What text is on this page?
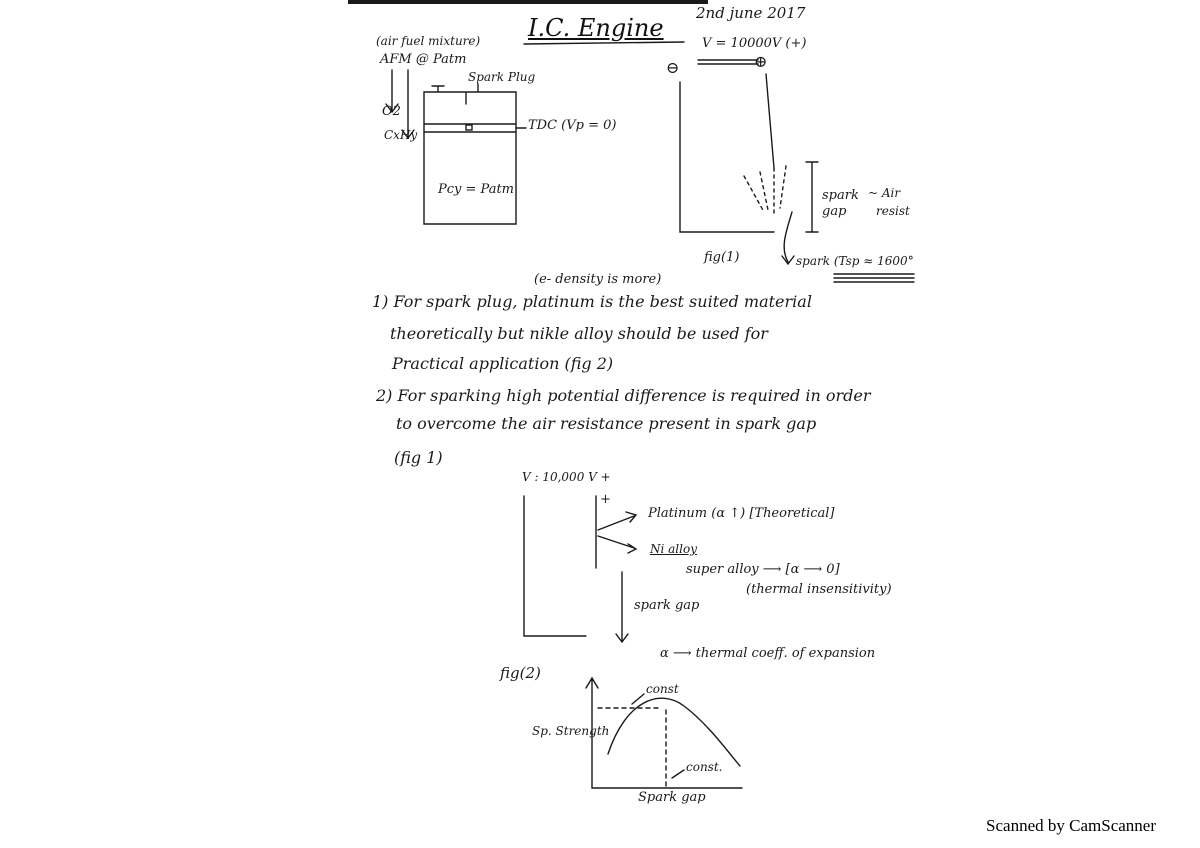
I.C. Engine
2nd june 2017
(air fuel mixture)
AFM @ Patm
O2
CxHy
Spark Plug
TDC (Vp = 0)
Pcy = Patm
V = 10000V (+)
⊖	⊕
spark gap
~ Air
resist
fig(1)	spark (Tsp ≈ 1600°
(e- density is more)
1) For spark plug, platinum is the best suited material
theoretically but nikle alloy should be used for
Practical application (fig 2)
2) For sparking high potential difference is required in order
to overcome the air resistance present in spark gap
(fig 1)
V : 10,000 V +
+
Platinum (α ↑) [Theoretical]
Ni alloy
super alloy ⟶ [α ⟶ 0]
(thermal insensitivity)
spark gap
α ⟶ thermal coeff. of expansion
fig(2)
Sp. Strength
Spark gap
const
const.
Scanned by CamScanner
